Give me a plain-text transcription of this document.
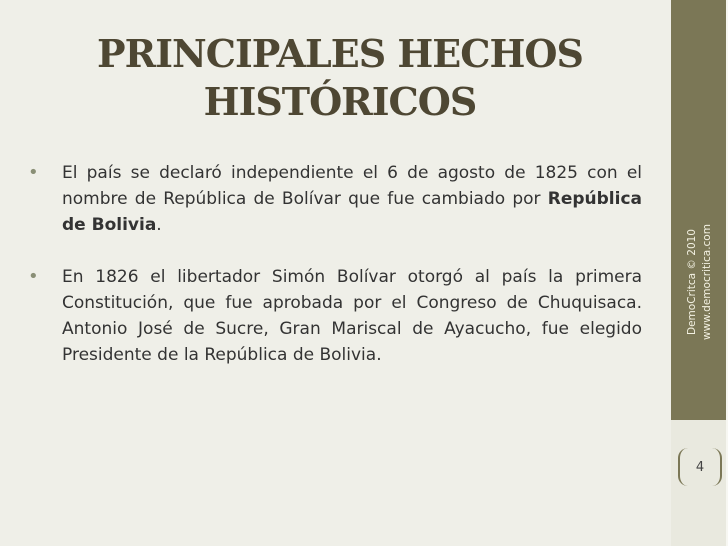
PRINCIPALES HECHOS
HISTÓRICOS
• El país se declaró independiente el 6 de agosto de 1825 con el nombre de República de Bolívar que fue cambiado por República de Bolivia.
• En 1826 el libertador Simón Bolívar otorgó al país la primera Constitución, que fue aprobada por el Congreso de Chuquisaca. Antonio José de Sucre, Gran Mariscal de Ayacucho, fue elegido Presidente de la República de Bolivia.
DemoCritca © 2010 www.democritica.com
4
